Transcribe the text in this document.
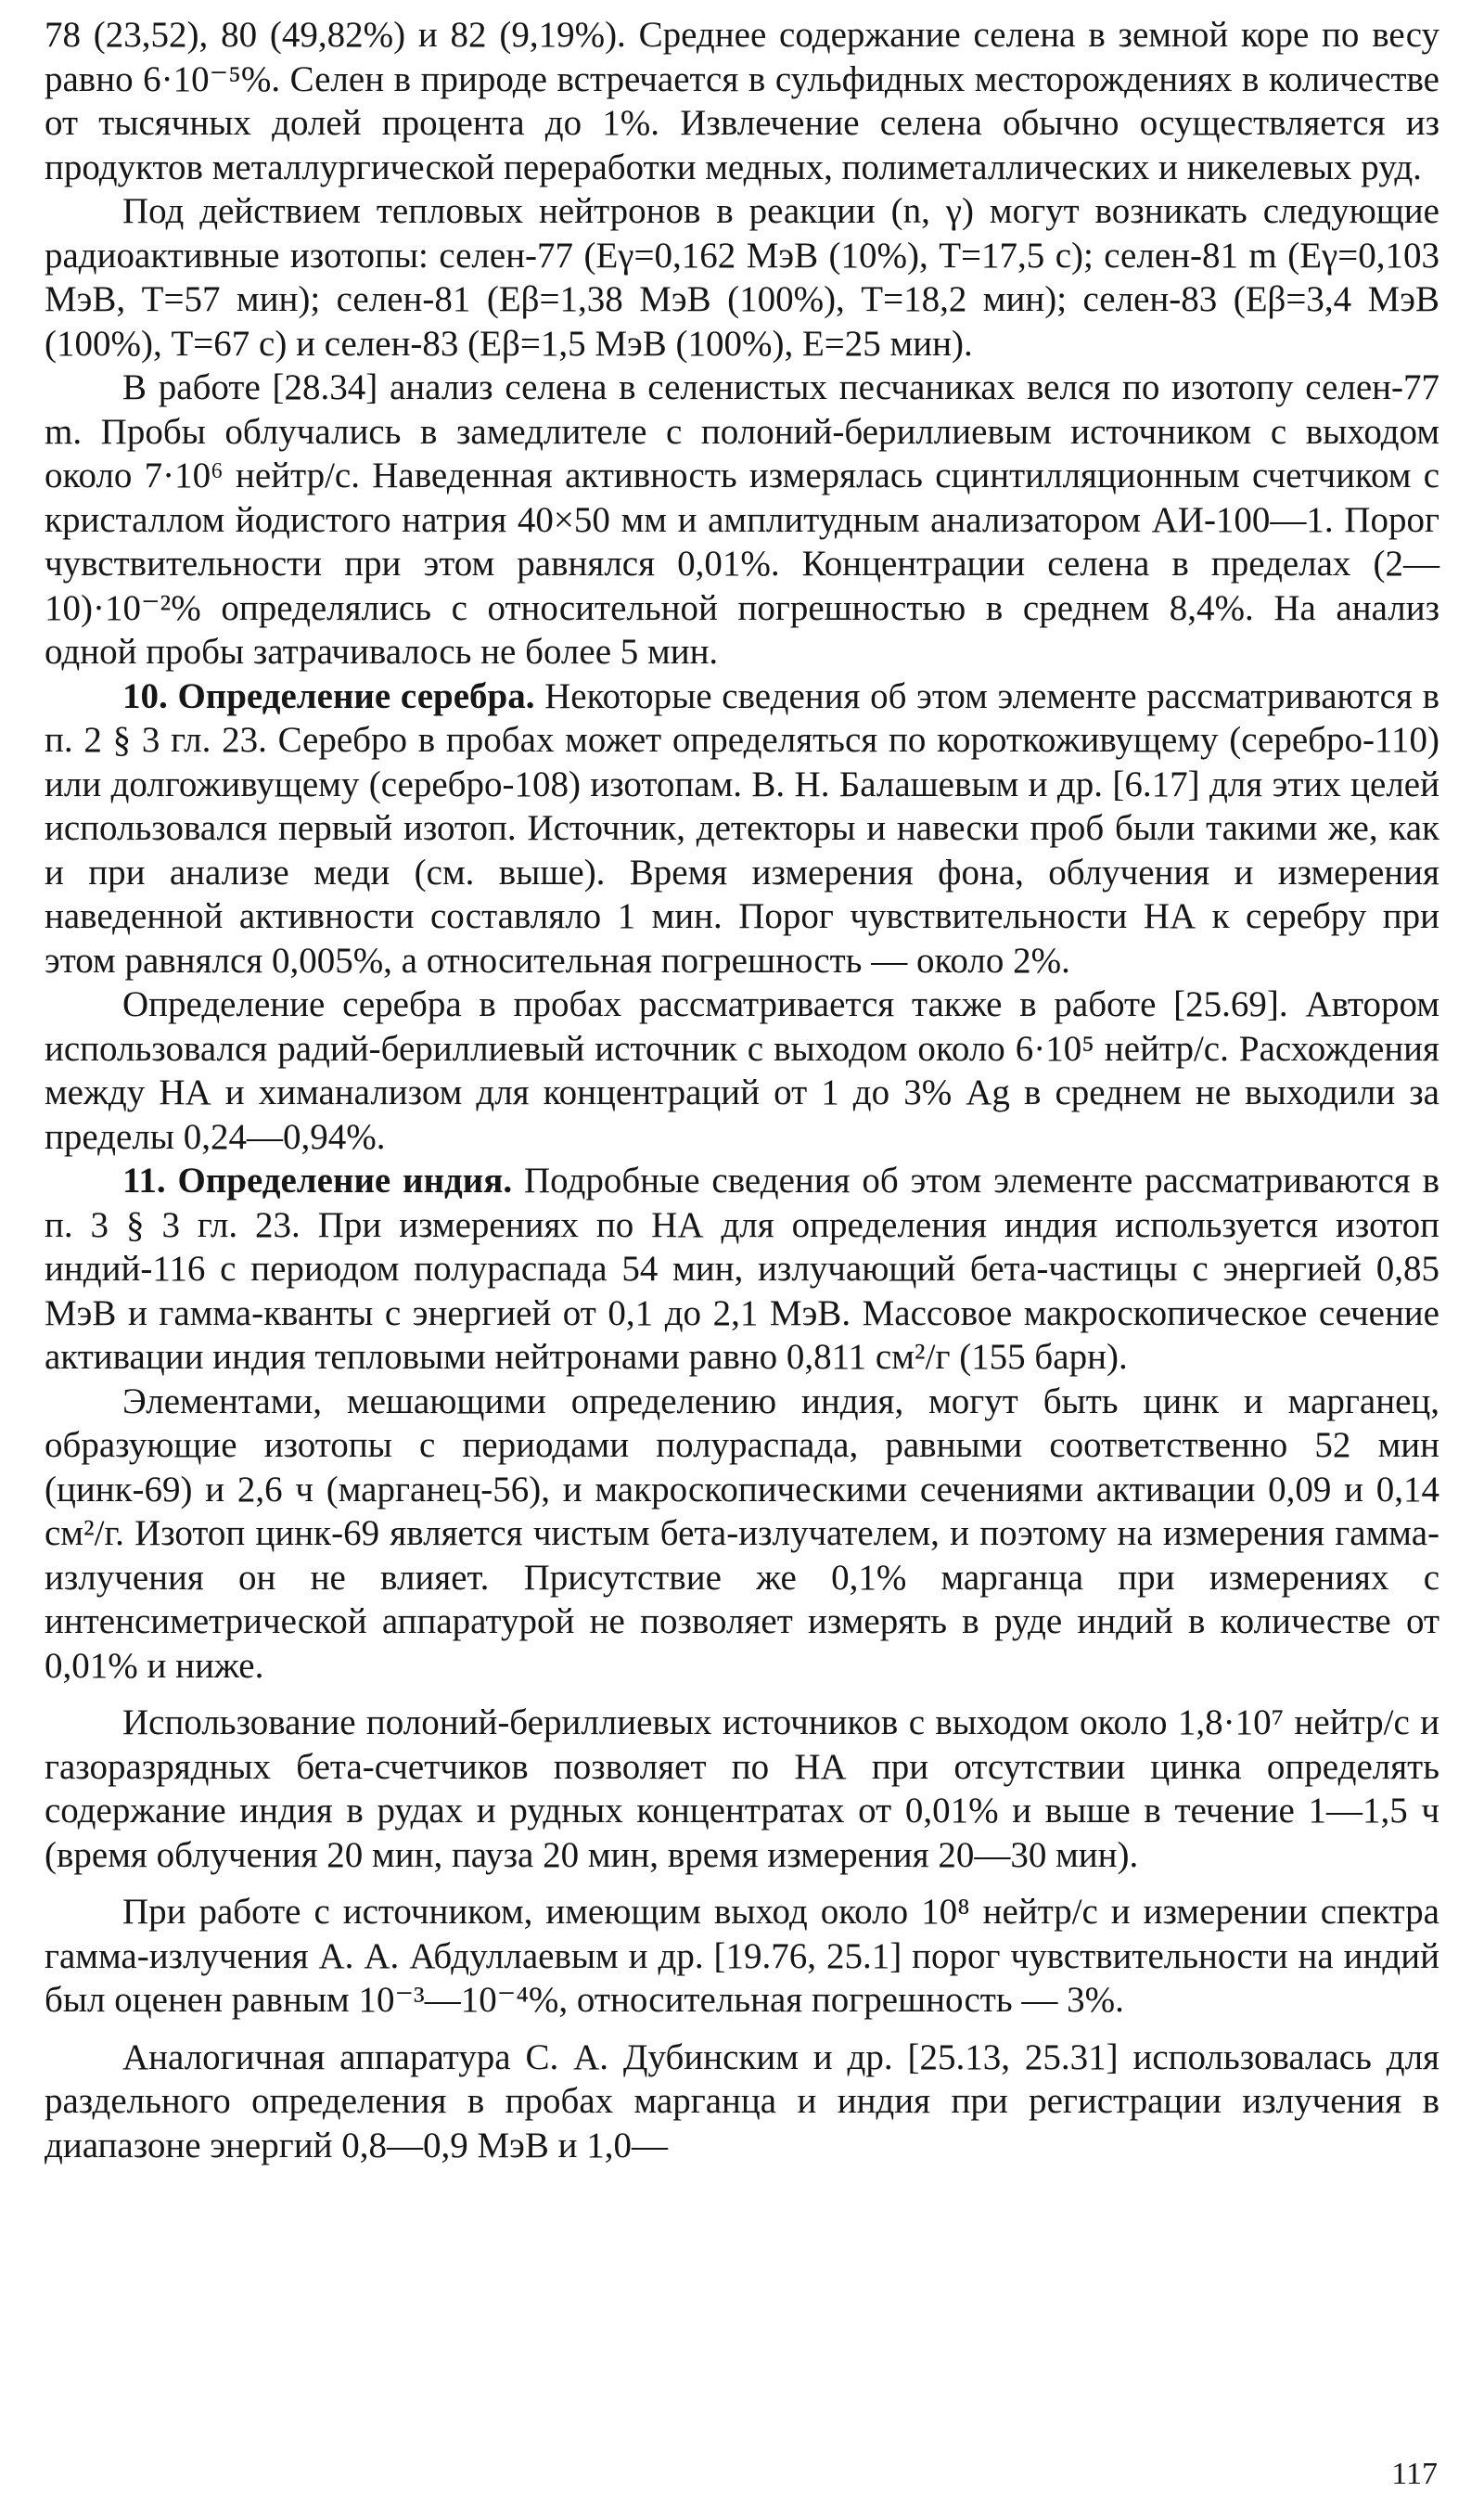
78 (23,52), 80 (49,82%) и 82 (9,19%). Среднее содержание селена в земной коре по весу равно 6·10⁻⁵%. Селен в природе встречается в сульфидных месторождениях в количестве от тысячных долей процента до 1%. Извлечение селена обычно осуществляется из продуктов металлургической переработки медных, полиметаллических и никелевых руд.

Под действием тепловых нейтронов в реакции (n, γ) могут возникать следующие радиоактивные изотопы: селен-77 (Eγ=0,162 МэВ (10%), T=17,5 с); селен-81 m (Eγ=0,103 МэВ, T=57 мин); селен-81 (Eβ=1,38 МэВ (100%), T=18,2 мин); селен-83 (Eβ=3,4 МэВ (100%), T=67 с) и селен-83 (Eβ=1,5 МэВ (100%), E=25 мин).

В работе [28.34] анализ селена в селенистых песчаниках велся по изотопу селен-77 m. Пробы облучались в замедлителе с полоний-бериллиевым источником с выходом около 7·10⁶ нейтр/с. Наведенная активность измерялась сцинтилляционным счетчиком с кристаллом йодистого натрия 40×50 мм и амплитудным анализатором АИ-100—1. Порог чувствительности при этом равнялся 0,01%. Концентрации селена в пределах (2—10)·10⁻²% определялись с относительной погрешностью в среднем 8,4%. На анализ одной пробы затрачивалось не более 5 мин.

10. Определение серебра. Некоторые сведения об этом элементе рассматриваются в п. 2 § 3 гл. 23. Серебро в пробах может определяться по короткоживущему (серебро-110) или долгоживущему (серебро-108) изотопам. В. Н. Балашевым и др. [6.17] для этих целей использовался первый изотоп. Источник, детекторы и навески проб были такими же, как и при анализе меди (см. выше). Время измерения фона, облучения и измерения наведенной активности составляло 1 мин. Порог чувствительности НА к серебру при этом равнялся 0,005%, а относительная погрешность — около 2%.

Определение серебра в пробах рассматривается также в работе [25.69]. Автором использовался радий-бериллиевый источник с выходом около 6·10⁵ нейтр/с. Расхождения между НА и химанализом для концентраций от 1 до 3% Ag в среднем не выходили за пределы 0,24—0,94%.

11. Определение индия. Подробные сведения об этом элементе рассматриваются в п. 3 § 3 гл. 23. При измерениях по НА для определения индия используется изотоп индий-116 с периодом полураспада 54 мин, излучающий бета-частицы с энергией 0,85 МэВ и гамма-кванты с энергией от 0,1 до 2,1 МэВ. Массовое макроскопическое сечение активации индия тепловыми нейтронами равно 0,811 см²/г (155 барн).

Элементами, мешающими определению индия, могут быть цинк и марганец, образующие изотопы с периодами полураспада, равными соответственно 52 мин (цинк-69) и 2,6 ч (марганец-56), и макроскопическими сечениями активации 0,09 и 0,14 см²/г. Изотоп цинк-69 является чистым бета-излучателем, и поэтому на измерения гамма-излучения он не влияет. Присутствие же 0,1% марганца при измерениях с интенсиметрической аппаратурой не позволяет измерять в руде индий в количестве от 0,01% и ниже.

Использование полоний-бериллиевых источников с выходом около 1,8·10⁷ нейтр/с и газоразрядных бета-счетчиков позволяет по НА при отсутствии цинка определять содержание индия в рудах и рудных концентратах от 0,01% и выше в течение 1—1,5 ч (время облучения 20 мин, пауза 20 мин, время измерения 20—30 мин).

При работе с источником, имеющим выход около 10⁸ нейтр/с и измерении спектра гамма-излучения А. А. Абдуллаевым и др. [19.76, 25.1] порог чувствительности на индий был оценен равным 10⁻³—10⁻⁴%, относительная погрешность — 3%.

Аналогичная аппаратура С. А. Дубинским и др. [25.13, 25.31] использовалась для раздельного определения в пробах марганца и индия при регистрации излучения в диапазоне энергий 0,8—0,9 МэВ и 1,0—

117
